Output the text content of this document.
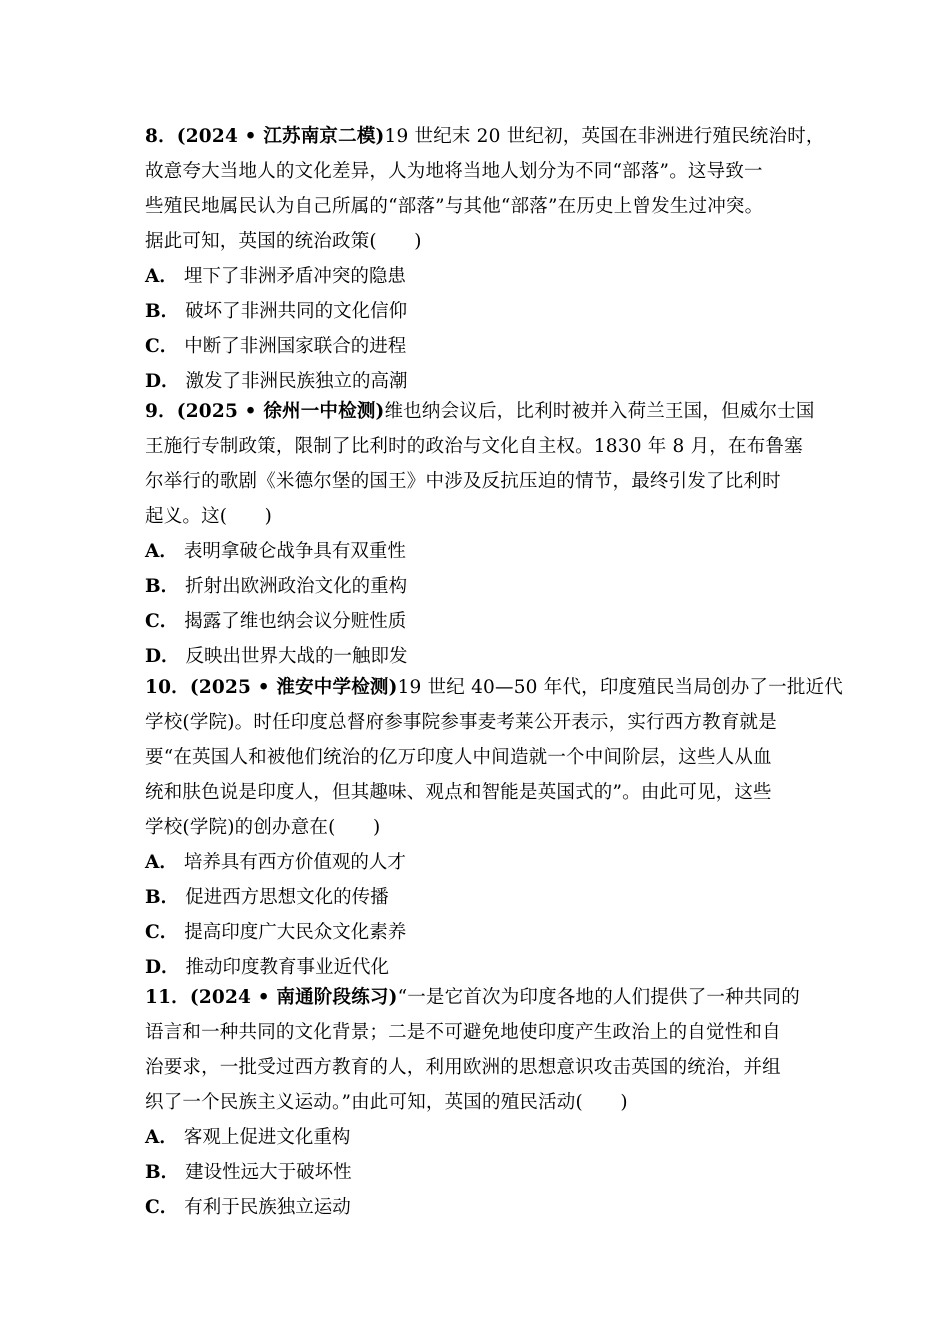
8．(2024 • 江苏南京二模)19 世纪末 20 世纪初，英国在非洲进行殖民统治时，
故意夸大当地人的文化差异，人为地将当地人划分为不同“部落”。这导致一
些殖民地属民认为自己所属的“部落”与其他“部落”在历史上曾发生过冲突。
据此可知，英国的统治政策(　　)
A． 埋下了非洲矛盾冲突的隐患
B． 破坏了非洲共同的文化信仰
C． 中断了非洲国家联合的进程
D． 激发了非洲民族独立的高潮
9．(2025 • 徐州一中检测)维也纳会议后，比利时被并入荷兰王国，但威尔士国
王施行专制政策，限制了比利时的政治与文化自主权。1830 年 8 月，在布鲁塞
尔举行的歌剧《米德尔堡的国王》中涉及反抗压迫的情节，最终引发了比利时
起义。这(　　)
A． 表明拿破仑战争具有双重性
B． 折射出欧洲政治文化的重构
C． 揭露了维也纳会议分赃性质
D． 反映出世界大战的一触即发
10．(2025 • 淮安中学检测)19 世纪 40—50 年代，印度殖民当局创办了一批近代
学校(学院)。时任印度总督府参事院参事麦考莱公开表示，实行西方教育就是
要“在英国人和被他们统治的亿万印度人中间造就一个中间阶层，这些人从血
统和肤色说是印度人，但其趣味、观点和智能是英国式的”。由此可见，这些
学校(学院)的创办意在(　　)
A． 培养具有西方价值观的人才
B． 促进西方思想文化的传播
C． 提高印度广大民众文化素养
D． 推动印度教育事业近代化
11．(2024 • 南通阶段练习)“一是它首次为印度各地的人们提供了一种共同的
语言和一种共同的文化背景；二是不可避免地使印度产生政治上的自觉性和自
治要求，一批受过西方教育的人，利用欧洲的思想意识攻击英国的统治，并组
织了一个民族主义运动。”由此可知，英国的殖民活动(　　)
A． 客观上促进文化重构
B． 建设性远大于破坏性
C． 有利于民族独立运动
